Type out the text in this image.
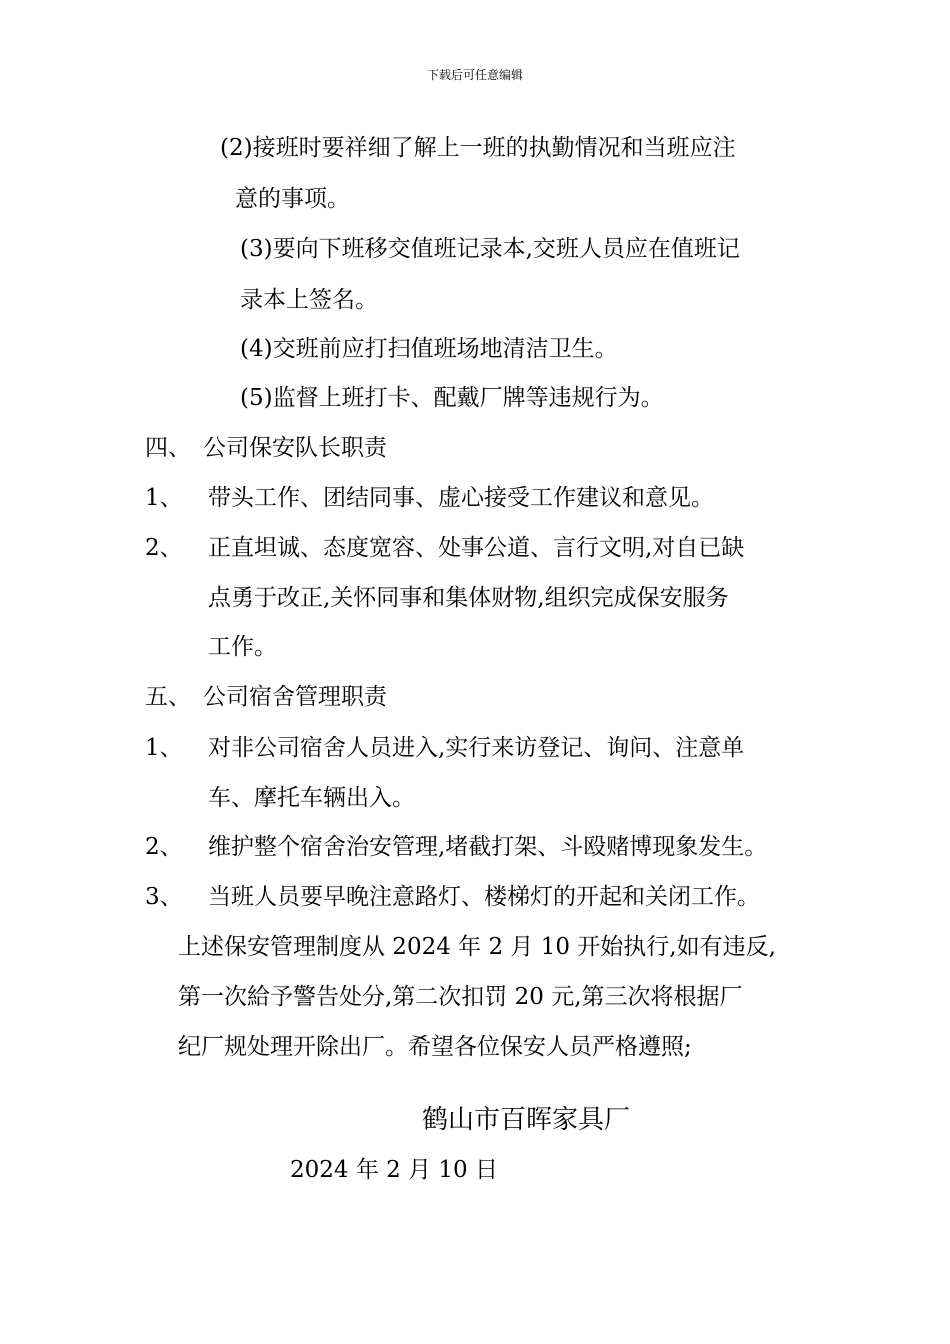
下载后可任意编辑
(2)接班时要祥细了解上一班的执勤情况和当班应注
意的事项。
(3)要向下班移交值班记录本,交班人员应在值班记
录本上签名。
(4)交班前应打扫值班场地清洁卫生。
(5)监督上班打卡、配戴厂牌等违规行为。
四、 公司保安队长职责
1、 带头工作、团结同事、虚心接受工作建议和意见。
2、 正直坦诚、态度宽容、处事公道、言行文明,对自已缺
点勇于改正,关怀同事和集体财物,组织完成保安服务
工作。
五、 公司宿舍管理职责
1、 对非公司宿舍人员进入,实行来访登记、询问、注意单
车、摩托车辆出入。
2、 维护整个宿舍治安管理,堵截打架、斗殴赌博现象发生。
3、 当班人员要早晚注意路灯、楼梯灯的开起和关闭工作。
上述保安管理制度从 2024 年 2 月 10 开始执行,如有违反,
第一次給予警告处分,第二次扣罚 20 元,第三次将根据厂
纪厂规处理开除出厂。希望各位保安人员严格遵照;
鹤山市百晖家具厂
2024 年 2 月 10 日
